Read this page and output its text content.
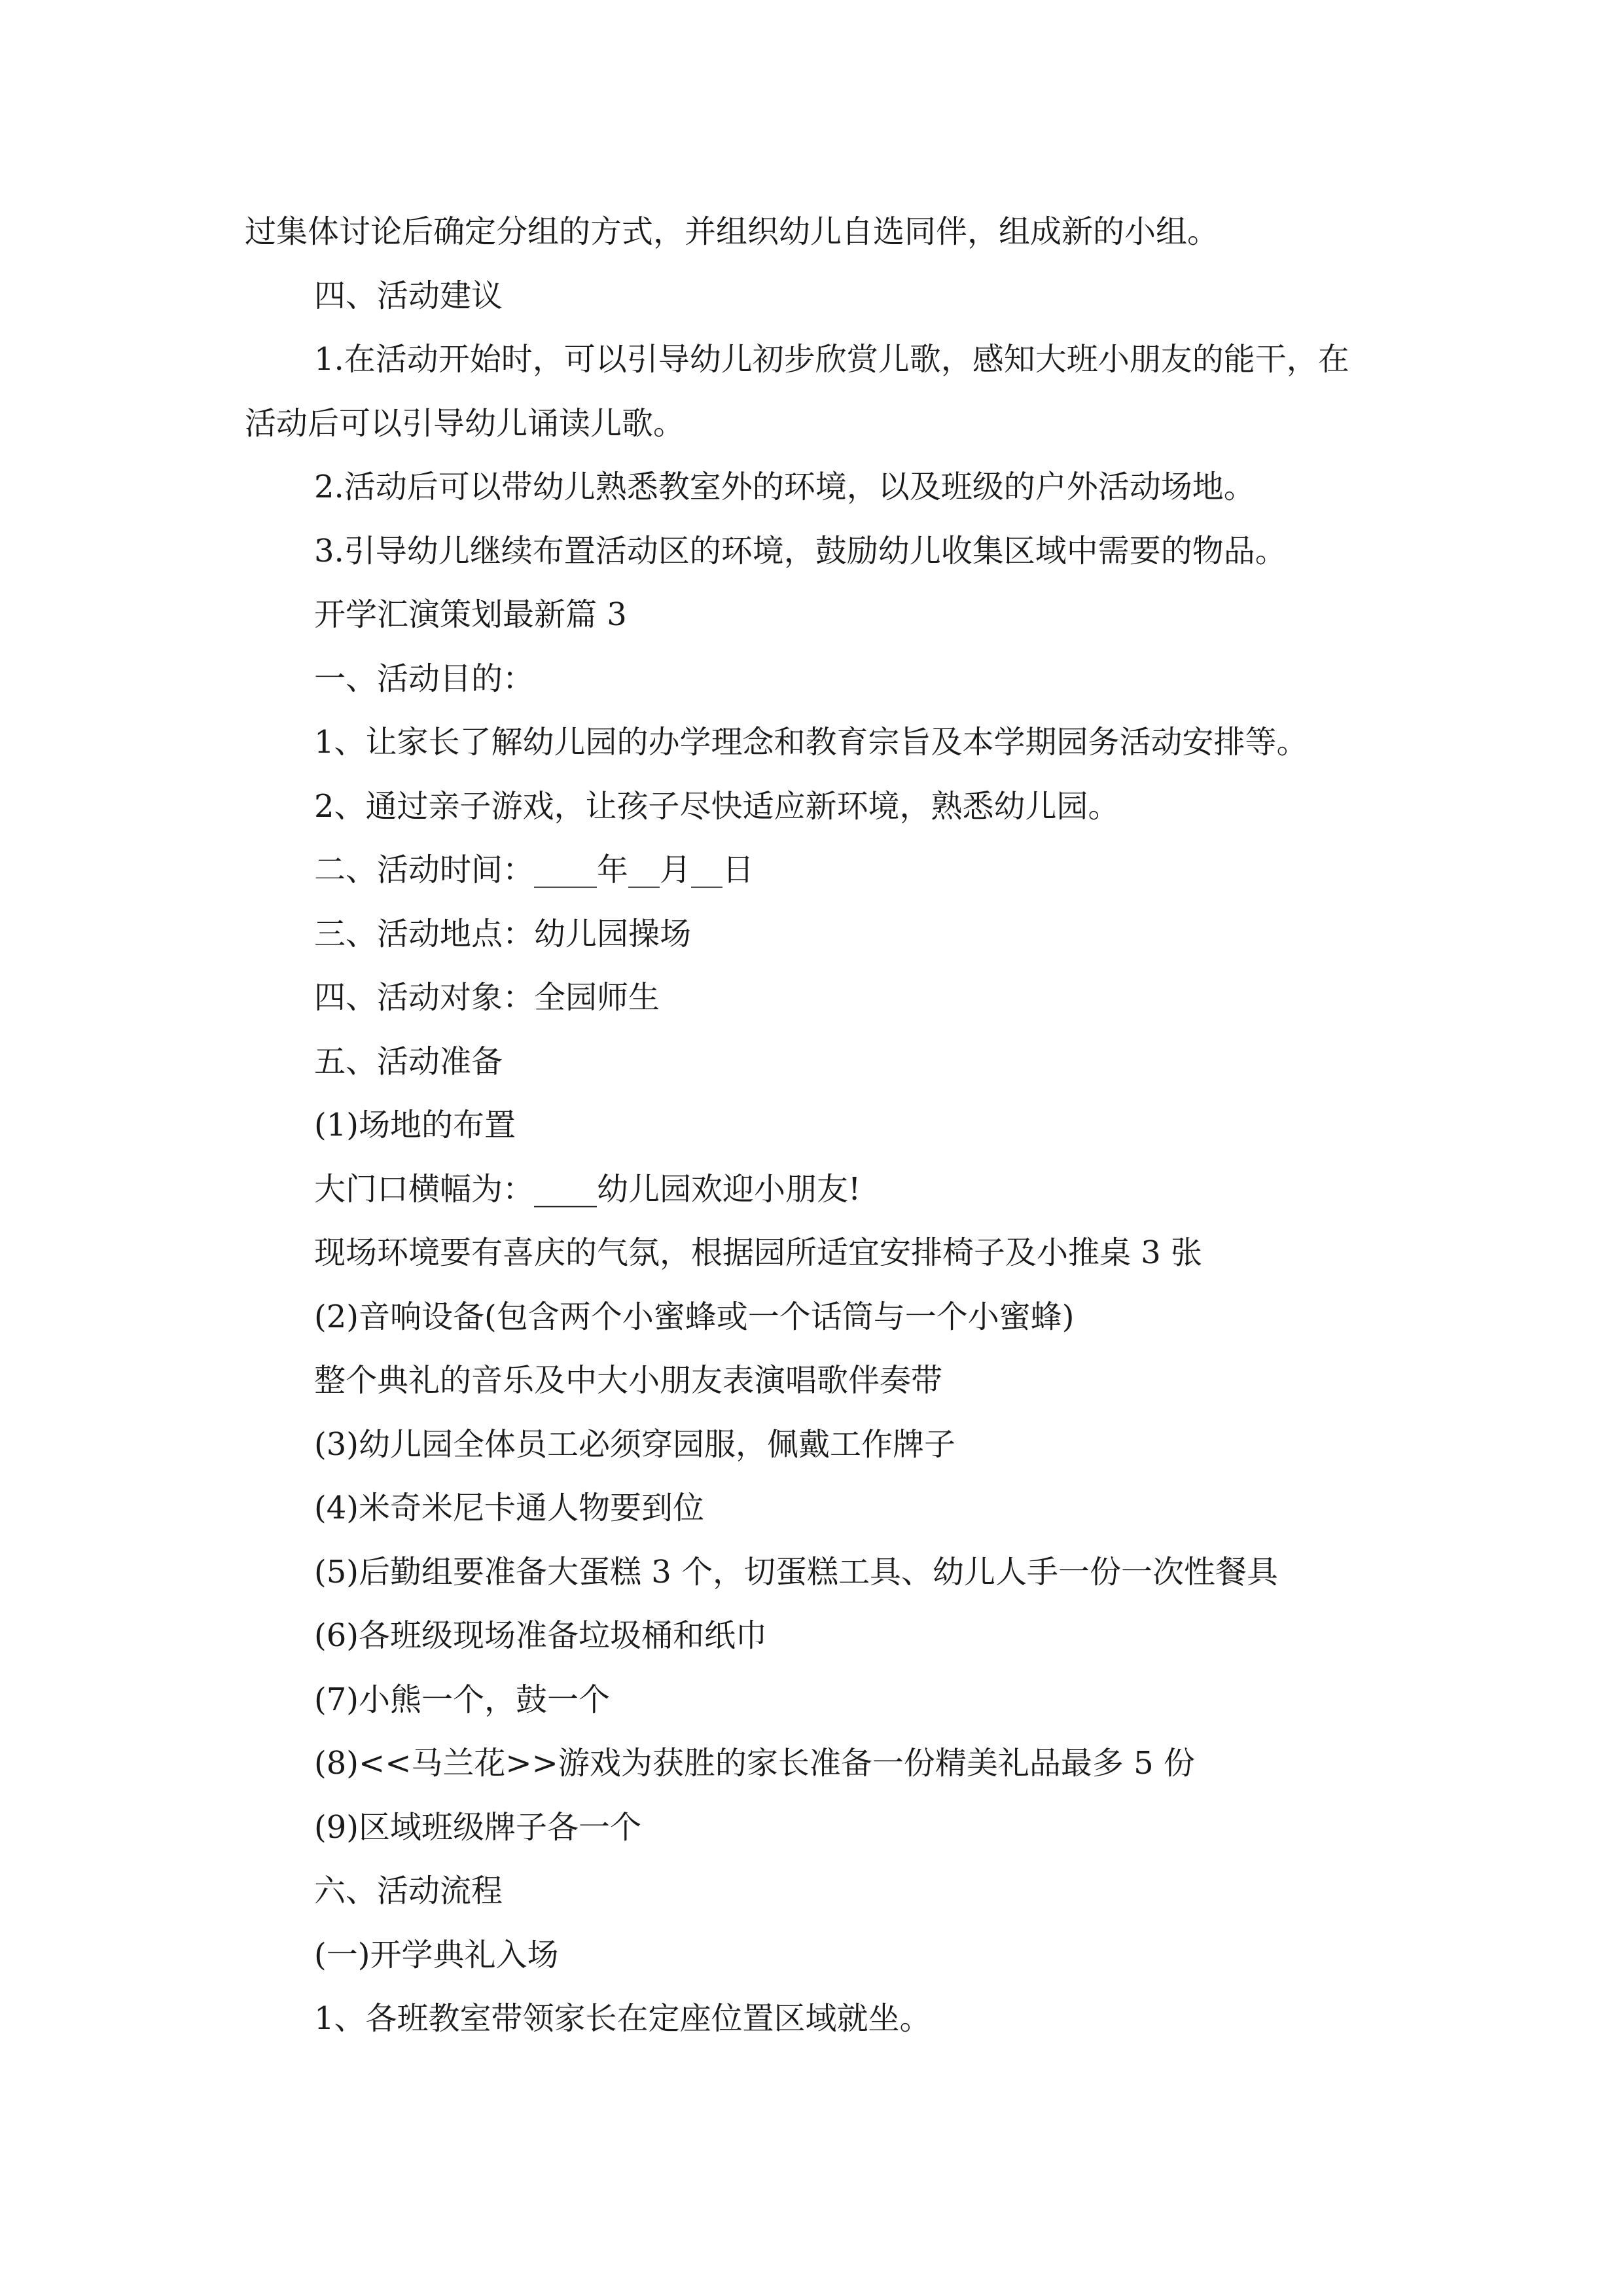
过集体讨论后确定分组的方式，并组织幼儿自选同伴，组成新的小组。

四、活动建议

1.在活动开始时，可以引导幼儿初步欣赏儿歌，感知大班小朋友的能干，在

活动后可以引导幼儿诵读儿歌。

2.活动后可以带幼儿熟悉教室外的环境，以及班级的户外活动场地。

3.引导幼儿继续布置活动区的环境，鼓励幼儿收集区域中需要的物品。

开学汇演策划最新篇 3

一、活动目的：

1、让家长了解幼儿园的办学理念和教育宗旨及本学期园务活动安排等。

2、通过亲子游戏，让孩子尽快适应新环境，熟悉幼儿园。

二、活动时间：____年__月__日

三、活动地点：幼儿园操场

四、活动对象：全园师生

五、活动准备

(1)场地的布置

大门口横幅为：____幼儿园欢迎小朋友!

现场环境要有喜庆的气氛，根据园所适宜安排椅子及小推桌 3 张

(2)音响设备(包含两个小蜜蜂或一个话筒与一个小蜜蜂)

整个典礼的音乐及中大小朋友表演唱歌伴奏带

(3)幼儿园全体员工必须穿园服，佩戴工作牌子

(4)米奇米尼卡通人物要到位

(5)后勤组要准备大蛋糕 3 个，切蛋糕工具、幼儿人手一份一次性餐具

(6)各班级现场准备垃圾桶和纸巾

(7)小熊一个，鼓一个

(8)<<马兰花>>游戏为获胜的家长准备一份精美礼品最多 5 份

(9)区域班级牌子各一个

六、活动流程

(一)开学典礼入场

1、各班教室带领家长在定座位置区域就坐。
